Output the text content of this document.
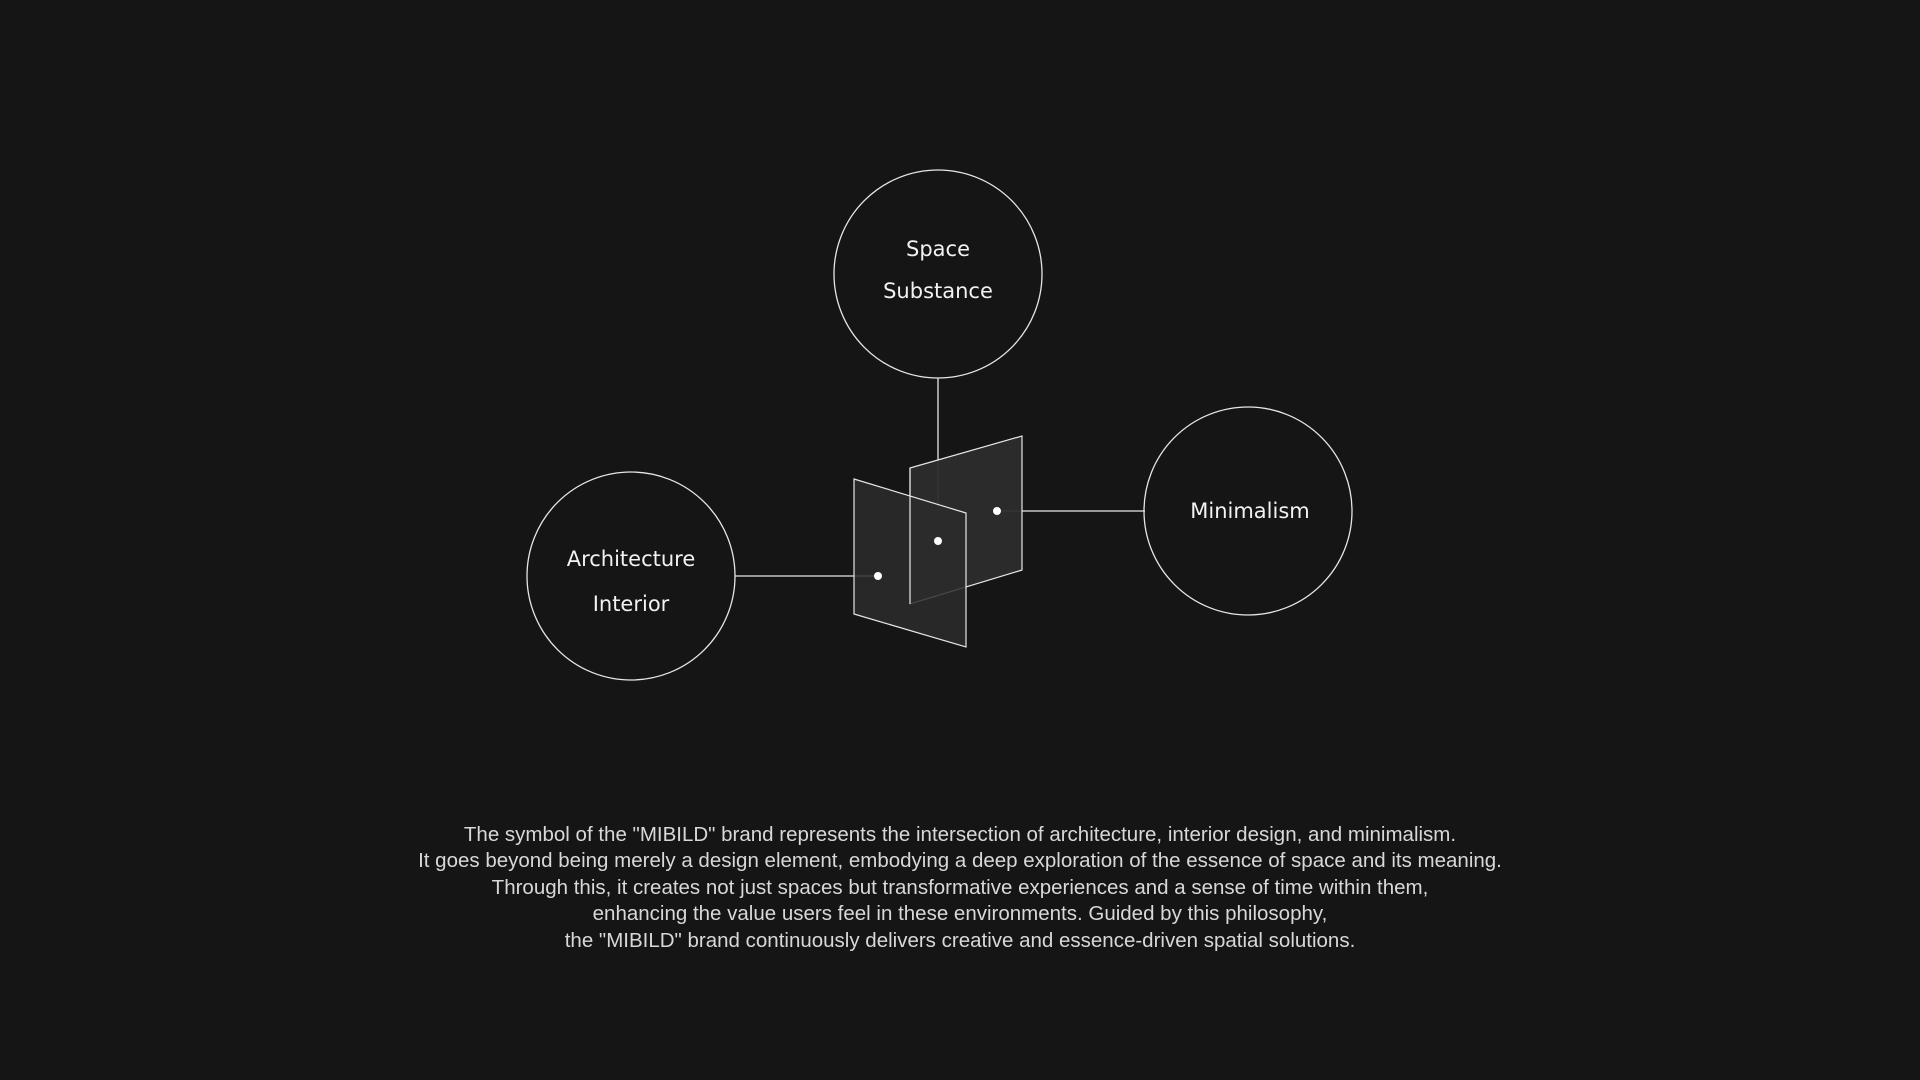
Space
Substance
Architecture
Interior
Minimalism

The symbol of the "MIBILD" brand represents the intersection of architecture, interior design, and minimalism.
It goes beyond being merely a design element, embodying a deep exploration of the essence of space and its meaning.
Through this, it creates not just spaces but transformative experiences and a sense of time within them,
enhancing the value users feel in these environments. Guided by this philosophy,
the "MIBILD" brand continuously delivers creative and essence-driven spatial solutions.
